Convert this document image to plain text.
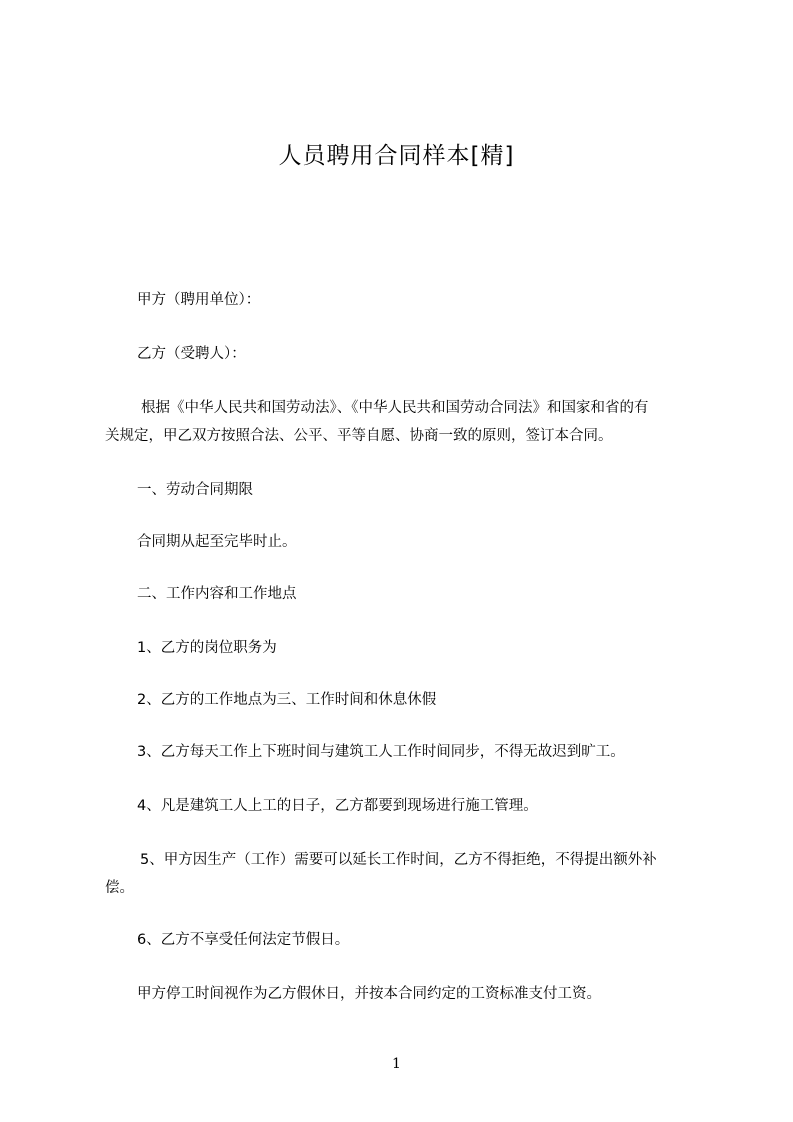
人员聘用合同样本[精]

甲方（聘用单位）：

乙方（受聘人）：

根据《中华人民共和国劳动法》、《中华人民共和国劳动合同法》和国家和省的有

关规定，甲乙双方按照合法、公平、平等自愿、协商一致的原则，签订本合同。

一、劳动合同期限

合同期从起至完毕时止。

二、工作内容和工作地点

1、乙方的岗位职务为

2、乙方的工作地点为三、工作时间和休息休假

3、乙方每天工作上下班时间与建筑工人工作时间同步，不得无故迟到旷工。

4、凡是建筑工人上工的日子，乙方都要到现场进行施工管理。

5、甲方因生产（工作）需要可以延长工作时间，乙方不得拒绝，不得提出额外补

偿。

6、乙方不享受任何法定节假日。

甲方停工时间视作为乙方假休日，并按本合同约定的工资标准支付工资。

1
